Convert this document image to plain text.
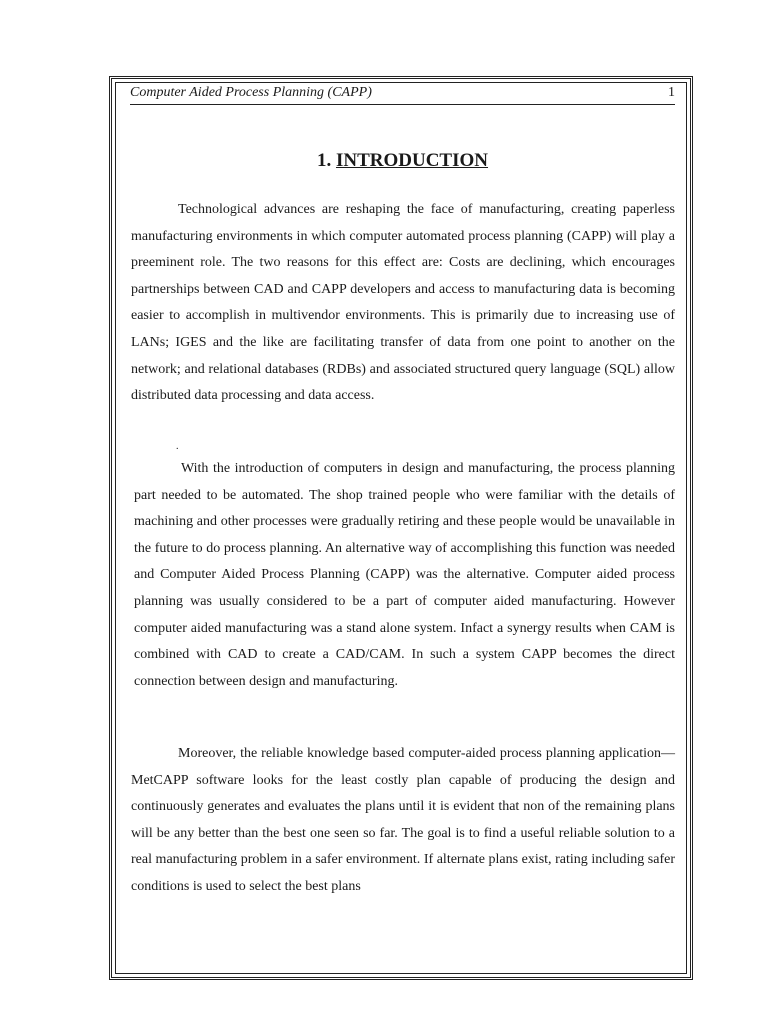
Computer Aided Process Planning (CAPP)	1
1. INTRODUCTION

Technological advances are reshaping the face of manufacturing, creating paperless manufacturing environments in which computer automated process planning (CAPP) will play a preeminent role. The two reasons for this effect are: Costs are declining, which encourages partnerships between CAD and CAPP developers and access to manufacturing data is becoming easier to accomplish in multivendor environments. This is primarily due to increasing use of LANs; IGES and the like are facilitating transfer of data from one point to another on the network; and relational databases (RDBs) and associated structured query language (SQL) allow distributed data processing and data access.

.

With the introduction of computers in design and manufacturing, the process planning part needed to be automated. The shop trained people who were familiar with the details of machining and other processes were gradually retiring and these people would be unavailable in the future to do process planning. An alternative way of accomplishing this function was needed and Computer Aided Process Planning (CAPP) was the alternative. Computer aided process planning was usually considered to be a part of computer aided manufacturing. However computer aided manufacturing was a stand alone system. Infact a synergy results when CAM is combined with CAD to create a CAD/CAM. In such a system CAPP becomes the direct connection between design and manufacturing.

Moreover, the reliable knowledge based computer-aided process planning application—MetCAPP software looks for the least costly plan capable of producing the design and continuously generates and evaluates the plans until it is evident that non of the remaining plans will be any better than the best one seen so far. The goal is to find a useful reliable solution to a real manufacturing problem in a safer environment. If alternate plans exist, rating including safer conditions is used to select the best plans
